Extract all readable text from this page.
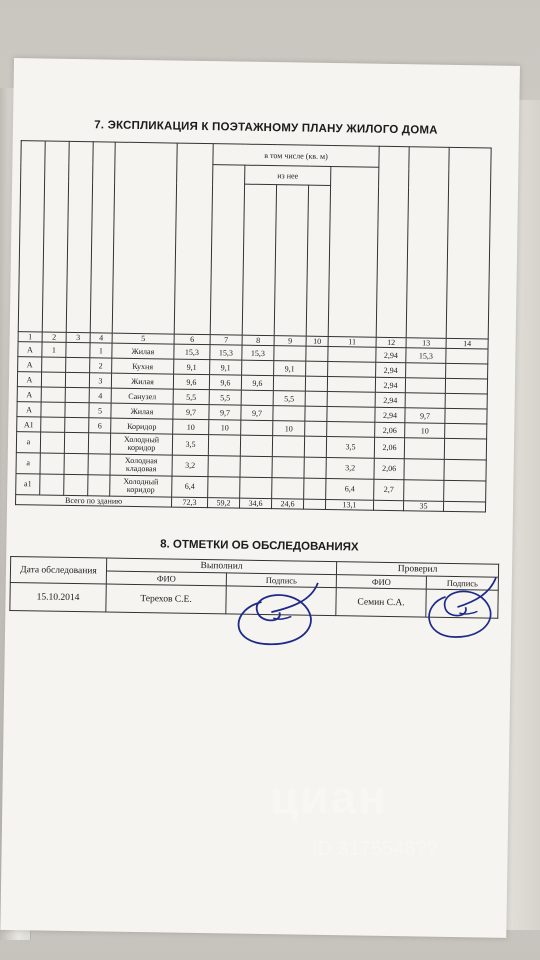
7. ЭКСПЛИКАЦИЯ К ПОЭТАЖНОМУ ПЛАНУ ЖИЛОГО ДОМА

	в том числе (кв. м)	

	из нее	

1	2	3	4	5	6	7	8	9	10	11	12	13	14
А	1		1	Жилая	15,3	15,3	15,3				2,94	15,3	
А			2	Кухня	9,1	9,1		9,1			2,94		
А			3	Жилая	9,6	9,6	9,6				2,94		
А			4	Санузел	5,5	5,5		5,5			2,94		
А			5	Жилая	9,7	9,7	9,7				2,94	9,7	
А1			6	Коридор	10	10		10			2,06	10	
а				Холодный коридор	3,5					3,5	2,06		
а				Холодная кладовая	3,2					3,2	2,06		
а1				Холодный коридор	6,4					6,4	2,7		
Всего по зданию					72,3	59,2	34,6	24,6		13,1		35	
8. ОТМЕТКИ ОБ ОБСЛЕДОВАНИЯХ
Дата обследования	Выполнил		Проверил	
	ФИО	Подпись	ФИО	Подпись
15.10.2014	Терехов С.Е.		Семин С.А.	
циан
ID 3175548??
